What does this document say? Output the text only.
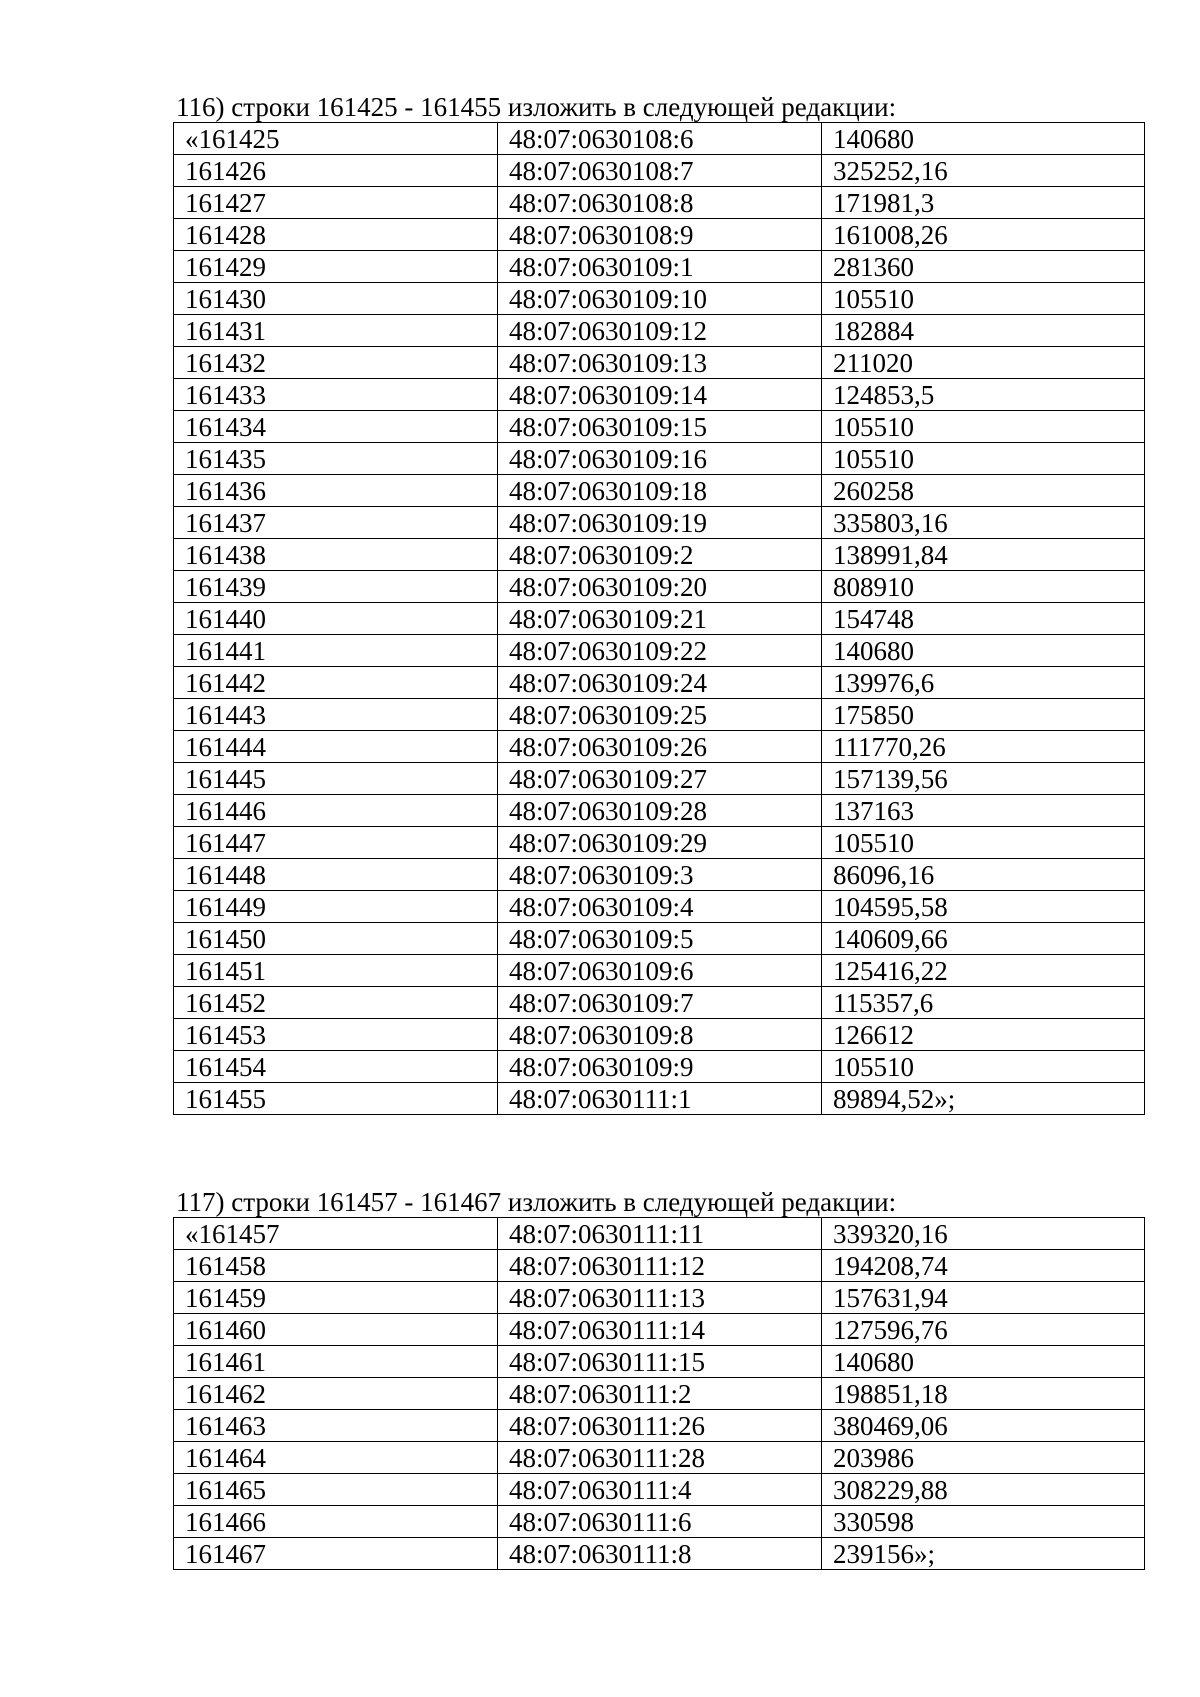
116) строки 161425 - 161455 изложить в следующей редакции:
«161425	48:07:0630108:6	140680
161426	48:07:0630108:7	325252,16
161427	48:07:0630108:8	171981,3
161428	48:07:0630108:9	161008,26
161429	48:07:0630109:1	281360
161430	48:07:0630109:10	105510
161431	48:07:0630109:12	182884
161432	48:07:0630109:13	211020
161433	48:07:0630109:14	124853,5
161434	48:07:0630109:15	105510
161435	48:07:0630109:16	105510
161436	48:07:0630109:18	260258
161437	48:07:0630109:19	335803,16
161438	48:07:0630109:2	138991,84
161439	48:07:0630109:20	808910
161440	48:07:0630109:21	154748
161441	48:07:0630109:22	140680
161442	48:07:0630109:24	139976,6
161443	48:07:0630109:25	175850
161444	48:07:0630109:26	111770,26
161445	48:07:0630109:27	157139,56
161446	48:07:0630109:28	137163
161447	48:07:0630109:29	105510
161448	48:07:0630109:3	86096,16
161449	48:07:0630109:4	104595,58
161450	48:07:0630109:5	140609,66
161451	48:07:0630109:6	125416,22
161452	48:07:0630109:7	115357,6
161453	48:07:0630109:8	126612
161454	48:07:0630109:9	105510
161455	48:07:0630111:1	89894,52»;
117) строки 161457 - 161467 изложить в следующей редакции:
«161457	48:07:0630111:11	339320,16
161458	48:07:0630111:12	194208,74
161459	48:07:0630111:13	157631,94
161460	48:07:0630111:14	127596,76
161461	48:07:0630111:15	140680
161462	48:07:0630111:2	198851,18
161463	48:07:0630111:26	380469,06
161464	48:07:0630111:28	203986
161465	48:07:0630111:4	308229,88
161466	48:07:0630111:6	330598
161467	48:07:0630111:8	239156»;
